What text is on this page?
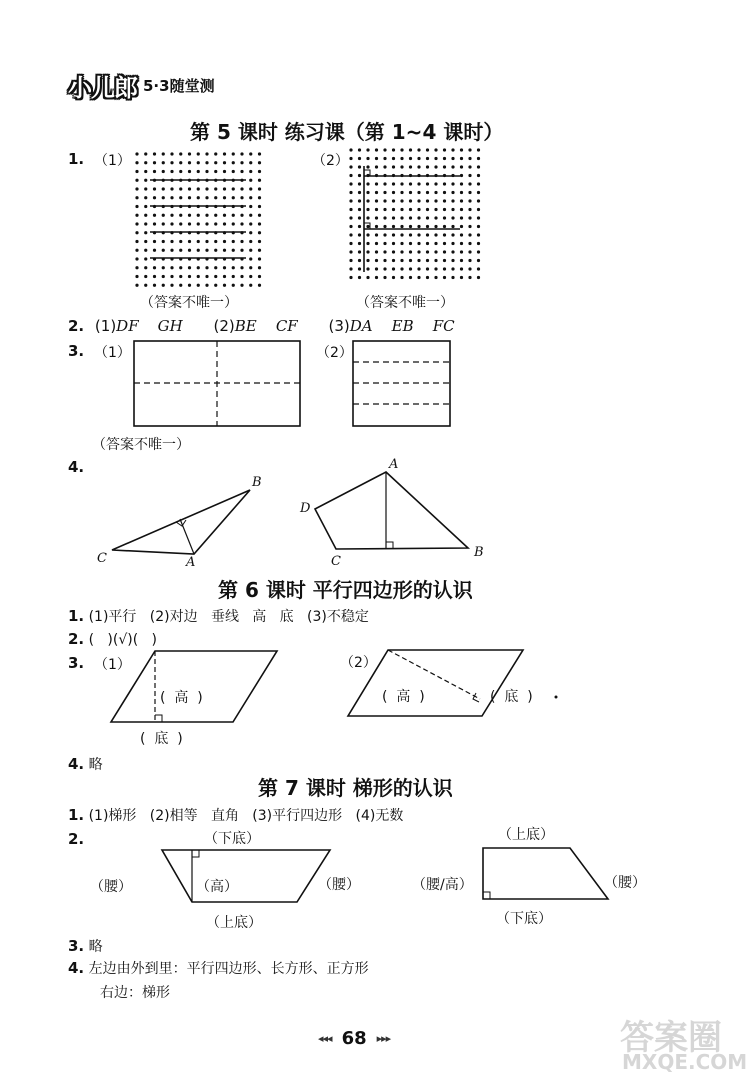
小儿郎 5·3随堂测
第 5 课时 练习课（第 1~4 课时）
1. （1）	（2）
（答案不唯一）	（答案不唯一）
2. (1)DF    GH (2)BE    CF (3)DA    EB    FC
3. （1）	（2）
（答案不唯一）
4.
第 6 课时 平行四边形的认识
1. (1)平行   (2)对边   垂线   高   底   (3)不稳定
2. (   )(√)(   )
3. （1）	（2）
(  高  )
(  底  )
(  高  )	(  底  )
4. 略
第 7 课时 梯形的认识
1. (1)梯形   (2)相等   直角   (3)平行四边形   (4)无数
2.	（下底）
（腰）	（腰）
（高）
（上底）
（上底）
（腰/高）	（腰）
（下底）
3. 略
4. 左边由外到里：平行四边形、长方形、正方形
右边：梯形
B
C	A
A
D
C
B
◂◂◂ 68 ▸▸▸	答案圈
MXQE.COM
